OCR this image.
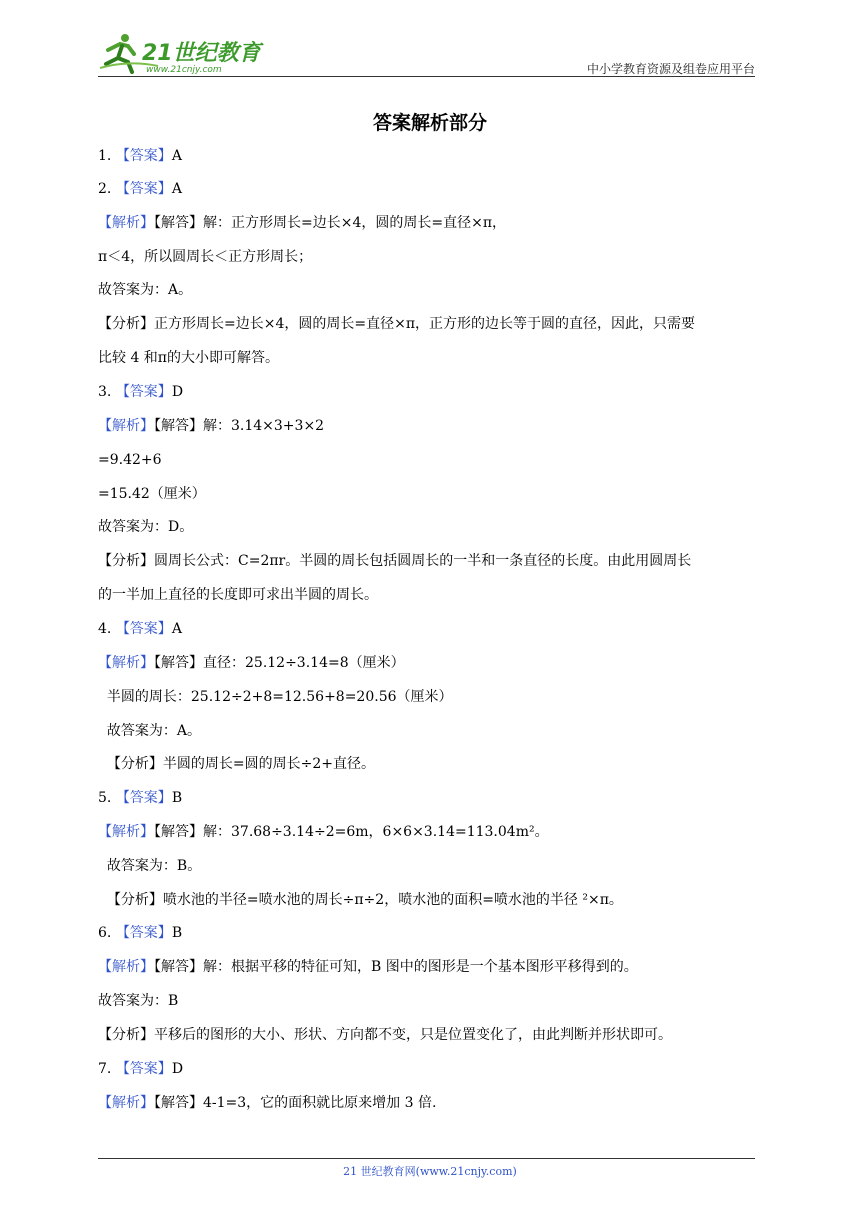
21世纪教育
www.21cnjy.com	中小学教育资源及组卷应用平台
答案解析部分
1. 【答案】A
2. 【答案】A
【解析】【解答】解：正方形周长=边长×4，圆的周长=直径×π，
π＜4，所以圆周长＜正方形周长；
故答案为：A。
【分析】正方形周长=边长×4，圆的周长=直径×π，正方形的边长等于圆的直径，因此，只需要
比较 4 和π的大小即可解答。
3. 【答案】D
【解析】【解答】解：3.14×3+3×2
=9.42+6
=15.42（厘米）
故答案为：D。
【分析】圆周长公式：C=2πr。半圆的周长包括圆周长的一半和一条直径的长度。由此用圆周长
的一半加上直径的长度即可求出半圆的周长。
4. 【答案】A
【解析】【解答】直径：25.12÷3.14=8（厘米）
半圆的周长：25.12÷2+8=12.56+8=20.56（厘米）
故答案为：A。
【分析】半圆的周长=圆的周长÷2+直径。
5. 【答案】B
【解析】【解答】解：37.68÷3.14÷2=6m，6×6×3.14=113.04m²。
故答案为：B。
【分析】喷水池的半径=喷水池的周长÷π÷2，喷水池的面积=喷水池的半径 ²×π。
6. 【答案】B
【解析】【解答】解：根据平移的特征可知，B 图中的图形是一个基本图形平移得到的。
故答案为：B
【分析】平移后的图形的大小、形状、方向都不变，只是位置变化了，由此判断并形状即可。
7. 【答案】D
【解析】【解答】4-1=3，它的面积就比原来增加 3 倍.
21 世纪教育网(www.21cnjy.com)
